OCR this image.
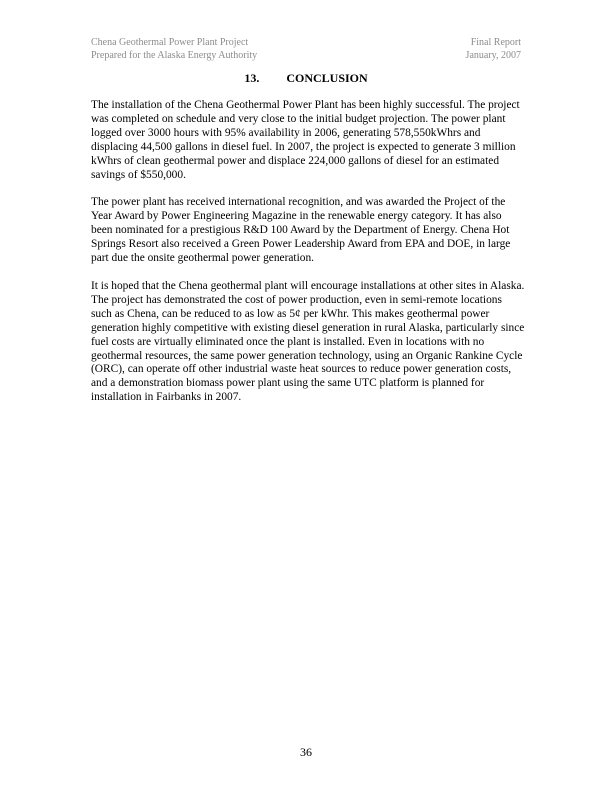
Chena Geothermal Power Plant Project
Prepared for the Alaska Energy Authority
Final Report
January, 2007
13. CONCLUSION

The installation of the Chena Geothermal Power Plant has been highly successful. The project was completed on schedule and very close to the initial budget projection. The power plant logged over 3000 hours with 95% availability in 2006, generating 578,550kWhrs and displacing 44,500 gallons in diesel fuel. In 2007, the project is expected to generate 3 million kWhrs of clean geothermal power and displace 224,000 gallons of diesel for an estimated savings of $550,000.

The power plant has received international recognition, and was awarded the Project of the Year Award by Power Engineering Magazine in the renewable energy category. It has also been nominated for a prestigious R&D 100 Award by the Department of Energy. Chena Hot Springs Resort also received a Green Power Leadership Award from EPA and DOE, in large part due the onsite geothermal power generation.

It is hoped that the Chena geothermal plant will encourage installations at other sites in Alaska. The project has demonstrated the cost of power production, even in semi-remote locations such as Chena, can be reduced to as low as 5¢ per kWhr. This makes geothermal power generation highly competitive with existing diesel generation in rural Alaska, particularly since fuel costs are virtually eliminated once the plant is installed. Even in locations with no geothermal resources, the same power generation technology, using an Organic Rankine Cycle (ORC), can operate off other industrial waste heat sources to reduce power generation costs, and a demonstration biomass power plant using the same UTC platform is planned for installation in Fairbanks in 2007.

36
